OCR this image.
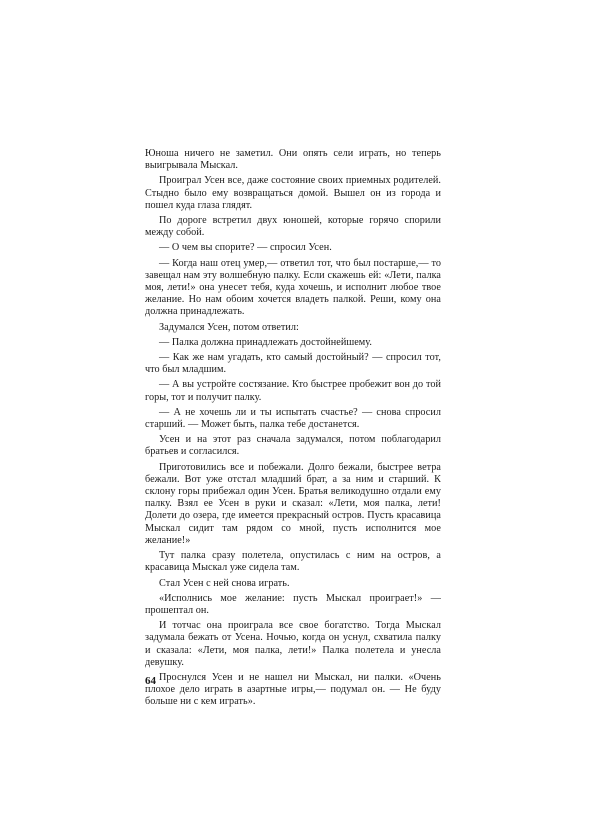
Юноша ничего не заметил. Они опять сели играть, но теперь выигрывала Мыскал.

Проиграл Усен все, даже состояние своих приемных родителей. Стыдно было ему возвращаться домой. Вышел он из города и пошел куда глаза глядят.

По дороге встретил двух юношей, которые горячо спорили между собой.

— О чем вы спорите? — спросил Усен.

— Когда наш отец умер,— ответил тот, что был постарше,— то завещал нам эту волшебную палку. Если скажешь ей: «Лети, палка моя, лети!» она унесет тебя, куда хочешь, и исполнит любое твое желание. Но нам обоим хочется владеть палкой. Реши, кому она должна принадлежать.

Задумался Усен, потом ответил:

— Палка должна принадлежать достойнейшему.

— Как же нам угадать, кто самый достойный? — спросил тот, что был младшим.

— А вы устройте состязание. Кто быстрее пробежит вон до той горы, тот и получит палку.

— А не хочешь ли и ты испытать счастье? — снова спросил старший. — Может быть, палка тебе достанется.

Усен и на этот раз сначала задумался, потом поблагодарил братьев и согласился.

Приготовились все и побежали. Долго бежали, быстрее ветра бежали. Вот уже отстал младший брат, а за ним и старший. К склону горы прибежал один Усен. Братья великодушно отдали ему палку. Взял ее Усен в руки и сказал: «Лети, моя палка, лети! Долети до озера, где имеется прекрасный остров. Пусть красавица Мыскал сидит там рядом со мной, пусть исполнится мое желание!»

Тут палка сразу полетела, опустилась с ним на остров, а красавица Мыскал уже сидела там.

Стал Усен с ней снова играть.

«Исполнись мое желание: пусть Мыскал проиграет!» — прошептал он.

И тотчас она проиграла все свое богатство. Тогда Мыскал задумала бежать от Усена. Ночью, когда он уснул, схватила палку и сказала: «Лети, моя палка, лети!» Палка полетела и унесла девушку.

Проснулся Усен и не нашел ни Мыскал, ни палки. «Очень плохое дело играть в азартные игры,— подумал он. — Не буду больше ни с кем играть».

64
